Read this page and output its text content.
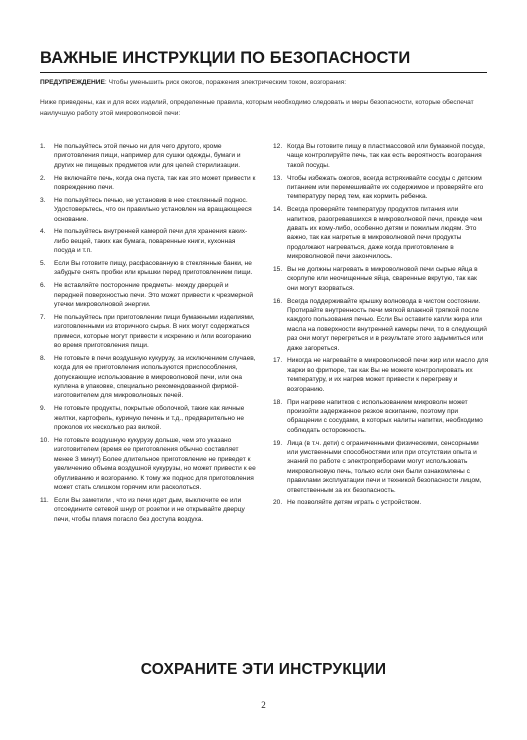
ВАЖНЫЕ ИНСТРУКЦИИ ПО БЕЗОПАСНОСТИ
ПРЕДУПРЕЖДЕНИЕ: Чтобы уменьшить риск ожогов, поражения электрическим током, возгорания:
Ниже приведены, как и для всех изделий, определенные правила, которым необходимо следовать и меры безопасности, которые обеспечат наилучшую работу этой микроволновой печи:
1. Не пользуйтесь этой печью ни для чего другого, кроме приготовления пищи, например для сушки одежды, бумаги и других не пищевых предметов или для целей стерилизации.
2. Не включайте печь, когда она пуста, так как это может привести к повреждению печи.
3. Не пользуйтесь печью, не установив в нее стеклянный поднос. Удостоверьтесь, что он правильно установлен на вращающееся основание.
4. Не пользуйтесь внутренней камерой печи для хранения каких-либо вещей, таких как бумага, поваренные книги, кухонная посуда и т.п.
5. Если Вы готовите пищу, расфасованную в стеклянные банки, не забудьте снять пробки или крышки перед приготовлением пищи.
6. Не вставляйте посторонние предметы· между дверцей и передней поверхностью печи. Это может привести к чрезмерной утечки микроволновой энергии.
7. Не пользуйтесь при приготовлении пищи бумажными изделиями, изготовленными из вторичного сырья. В них могут содержаться примеси, которые могут привести к искрению и /или возгоранию во время приготовления пищи.
8. Не готовьте в печи воздушную кукурузу, за исключением случаев, когда для ее приготовления используются приспособления, допускающие использование в микроволновой печи, или она куплена в упаковке, специально рекомендованной фирмой-изготовителем для микроволновых печей.
9. Не готовьте продукты, покрытые оболочкой, такие как яичные желтки, картофель, куриную печень и т.д., предварительно не проколов их несколько раз вилкой.
10. Не готовьте воздушную кукурузу дольше, чем это указано изготовителем (время ее приготовления обычно составляет менее 3 минут) Более длительное приготовление не приведет к увеличению объема воздушной кукурузы, но может привести к ее обугливанию и возгоранию. К тому же поднос для приготовления может стать слишком горячим или расколоться.
11. Если Вы заметили , что из печи идет дым, выключите ее или отсоедините сетевой шнур от розетки и не открывайте дверцу печи, чтобы пламя погасло без доступа воздуха.
12. Когда Вы готовите пищу в пластмассовой или бумажной посуде, чаще контролируйте печь, так как есть вероятность возгорания такой посуды.
13. Чтобы избежать ожогов, всегда встряхивайте сосуды с детским питанием или перемешивайте их содержимое и проверяйте его температуру перед тем, как кормить ребенка.
14. Всегда проверяйте температуру продуктов питания или напитков, разогревавшихся в микроволновой печи, прежде чем давать их кому-либо, особенно детям и пожилым людям. Это важно, так как нагретые в микроволновой печи продукты продолжают нагреваться, даже когда приготовление в микроволновой печи закончилось.
15. Вы не должны нагревать в микроволновой печи сырые яйца в скорлупе или неочищенные яйца, сваренные вкрутую, так как они могут взорваться.
16. Всегда поддерживайте крышку волновода в чистом состоянии. Протирайте внутренность печи мягкой влажной тряпкой после каждого пользования печью. Если Вы оставите капли жира или масла на поверхности внутренней камеры печи, то в следующий раз они могут перегреться и в результате этого задымиться или даже загореться.
17. Никогда не нагревайте в микроволновой печи жир или масло для жарки во фритюре, так как Вы не можете контролировать их температуру, и их нагрев может привести к перегреву и возгоранию.
18. При нагреве напитков с использованием микроволн может произойти задержанное резкое вскипание, поэтому при обращении с сосудами, в которых налиты напитки, необходимо соблюдать осторожность.
19. Лица (в т.ч. дети) с ограниченными физическими, сенсорными или умственными способностями или при отсутствии опыта и знаний по работе с электроприборами могут использовать микроволновую печь, только если они были ознакомлены с правилами эксплуатации печи и техникой безопасности лицом, ответственным за их безопасность.
20. Не позволяйте детям играть с устройством.
СОХРАНИТЕ ЭТИ ИНСТРУКЦИИ
2
